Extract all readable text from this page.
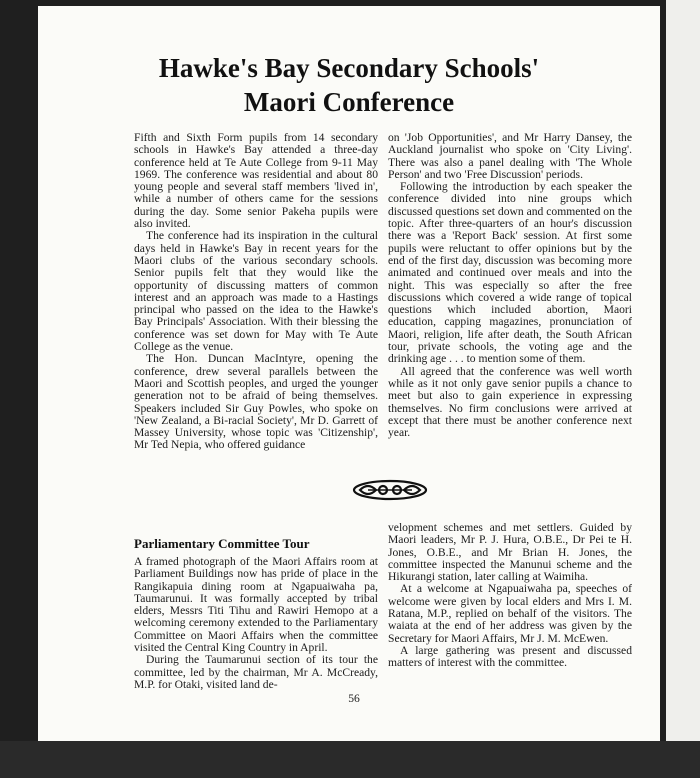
Hawke's Bay Secondary Schools'
Maori Conference

Fifth and Sixth Form pupils from 14 secondary schools in Hawke's Bay attended a three-day conference held at Te Aute College from 9-11 May 1969. The conference was residential and about 80 young people and several staff members 'lived in', while a number of others came for the sessions during the day. Some senior Pakeha pupils were also invited.

The conference had its inspiration in the cultural days held in Hawke's Bay in recent years for the Maori clubs of the various secondary schools. Senior pupils felt that they would like the opportunity of discussing matters of common interest and an approach was made to a Hastings principal who passed on the idea to the Hawke's Bay Principals' Association. With their blessing the conference was set down for May with Te Aute College as the venue.

The Hon. Duncan MacIntyre, opening the conference, drew several parallels between the Maori and Scottish peoples, and urged the younger generation not to be afraid of being themselves. Speakers included Sir Guy Powles, who spoke on 'New Zealand, a Bi-racial Society', Mr D. Garrett of Massey University, whose topic was 'Citizenship', Mr Ted Nepia, who offered guidance

on 'Job Opportunities', and Mr Harry Dansey, the Auckland journalist who spoke on 'City Living'. There was also a panel dealing with 'The Whole Person' and two 'Free Discussion' periods.

Following the introduction by each speaker the conference divided into nine groups which discussed questions set down and commented on the topic. After three-quarters of an hour's discussion there was a 'Report Back' session. At first some pupils were reluctant to offer opinions but by the end of the first day, discussion was becoming more animated and continued over meals and into the night. This was especially so after the free discussions which covered a wide range of topical questions which included abortion, Maori education, capping magazines, pronunciation of Maori, religion, life after death, the South African tour, private schools, the voting age and the drinking age . . . to mention some of them.

All agreed that the conference was well worth while as it not only gave senior pupils a chance to meet but also to gain experience in expressing themselves. No firm conclusions were arrived at except that there must be another conference next year.

Parliamentary Committee Tour

A framed photograph of the Maori Affairs room at Parliament Buildings now has pride of place in the Rangikapuia dining room at Ngapuaiwaha pa, Taumarunui. It was formally accepted by tribal elders, Messrs Titi Tihu and Rawiri Hemopo at a welcoming ceremony extended to the Parliamentary Committee on Maori Affairs when the committee visited the Central King Country in April.

During the Taumarunui section of its tour the committee, led by the chairman, Mr A. McCready, M.P. for Otaki, visited land de-

velopment schemes and met settlers. Guided by Maori leaders, Mr P. J. Hura, O.B.E., Dr Pei te H. Jones, O.B.E., and Mr Brian H. Jones, the committee inspected the Manunui scheme and the Hikurangi station, later calling at Waimiha.

At a welcome at Ngapuaiwaha pa, speeches of welcome were given by local elders and Mrs I. M. Ratana, M.P., replied on behalf of the visitors. The waiata at the end of her address was given by the Secretary for Maori Affairs, Mr J. M. McEwen.

A large gathering was present and discussed matters of interest with the committee.

56
